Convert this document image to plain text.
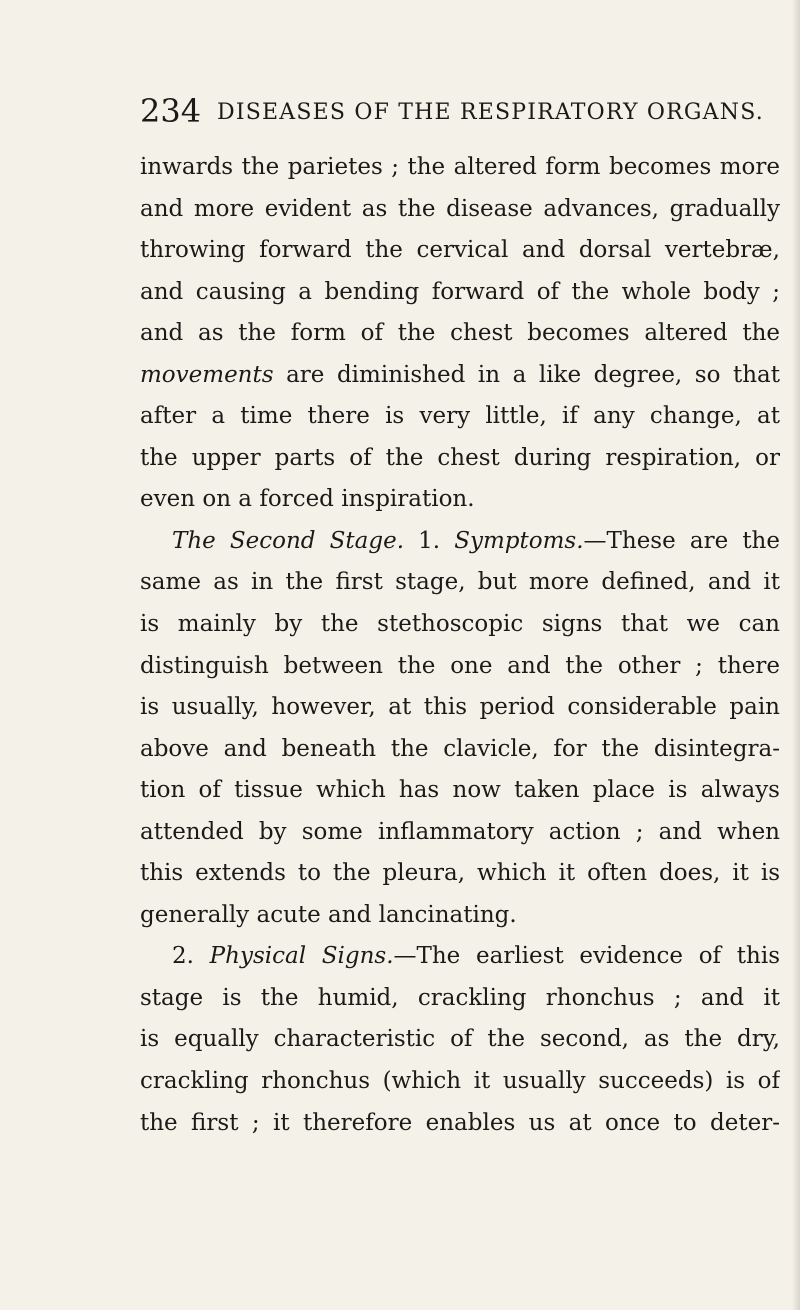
234 DISEASES OF THE RESPIRATORY ORGANS.
inwards the parietes ; the altered form becomes more
and more evident as the disease advances, gradually
throwing forward the cervical and dorsal vertebræ,
and causing a bending forward of the whole body ;
and as the form of the chest becomes altered the
movements are diminished in a like degree, so that
after a time there is very little, if any change, at
the upper parts of the chest during respiration, or
even on a forced inspiration.
The Second Stage. 1. Symptoms.—These are the
same as in the first stage, but more defined, and it
is mainly by the stethoscopic signs that we can
distinguish between the one and the other ; there
is usually, however, at this period considerable pain
above and beneath the clavicle, for the disintegra-
tion of tissue which has now taken place is always
attended by some inflammatory action ; and when
this extends to the pleura, which it often does, it is
generally acute and lancinating.
2. Physical Signs.—The earliest evidence of this
stage is the humid, crackling rhonchus ; and it
is equally characteristic of the second, as the dry,
crackling rhonchus (which it usually succeeds) is of
the first ; it therefore enables us at once to deter-
